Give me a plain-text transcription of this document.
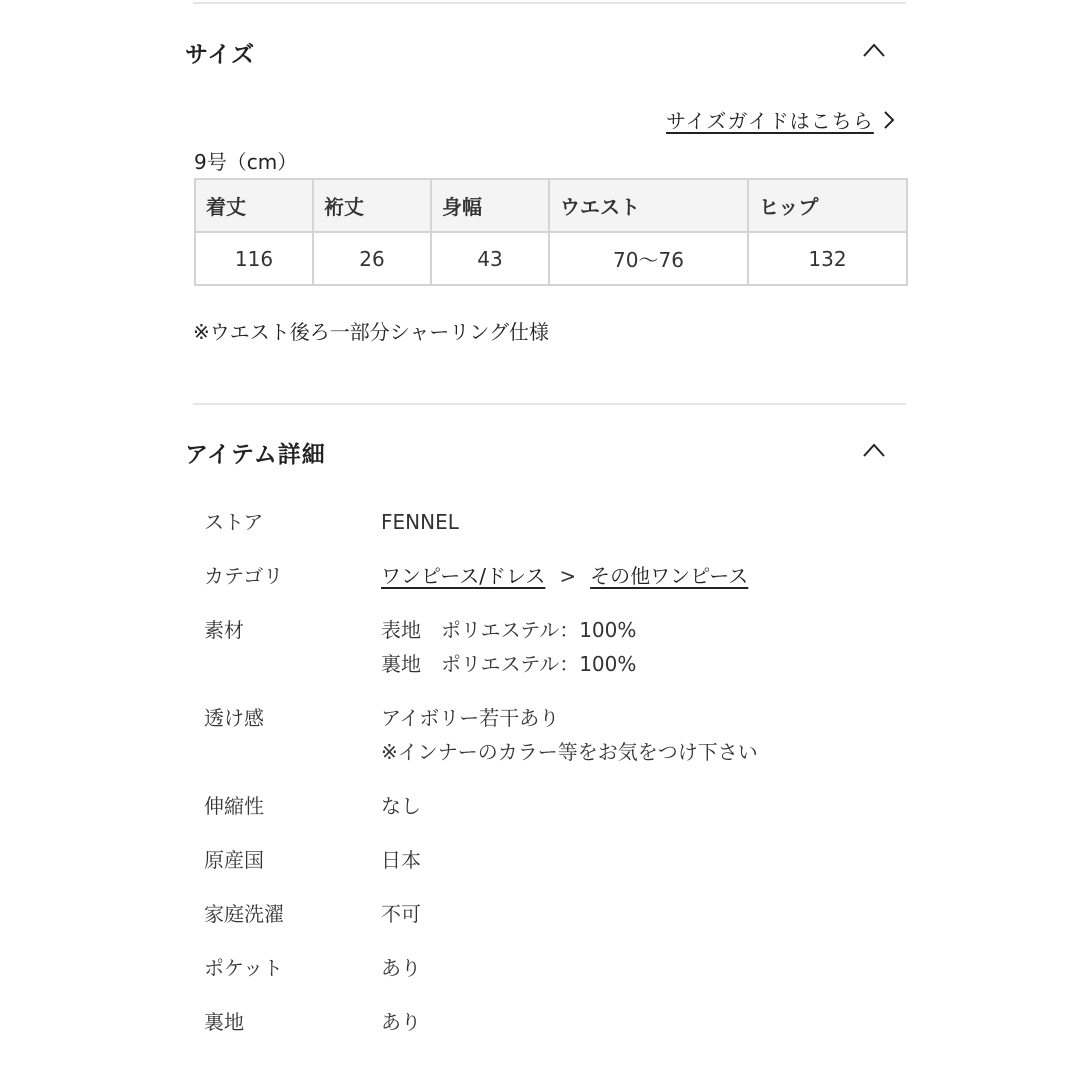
サイズ
サイズガイドはこちら
9号（cm）
着丈	裄丈	身幅	ウエスト	ヒップ
116	26	43	70〜76	132
※ウエスト後ろ一部分シャーリング仕様
アイテム詳細
ストア	FENNEL
カテゴリ	ワンピース/ドレス > その他ワンピース
素材	表地　ポリエステル：100%
裏地　ポリエステル：100%
透け感	アイボリー若干あり
※インナーのカラー等をお気をつけ下さい
伸縮性	なし
原産国	日本
家庭洗濯	不可
ポケット	あり
裏地	あり
